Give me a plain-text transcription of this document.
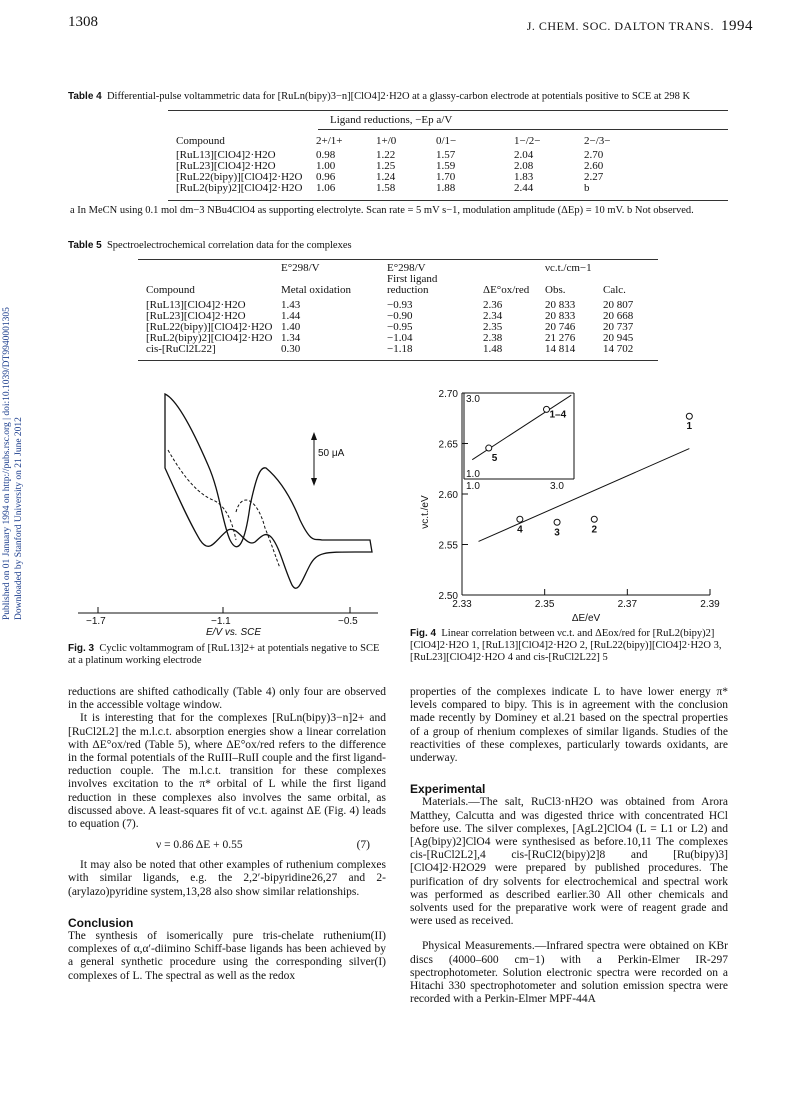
1308	J. CHEM. SOC. DALTON TRANS. 1994
Published on 01 January 1994 on http://pubs.rsc.org | doi:10.1039/DT9940001305 Downloaded by Stanford University on 21 June 2012
Table 4 Differential-pulse voltammetric data for [RuLn(bipy)3−n][ClO4]2·H2O at a glassy-carbon electrode at potentials positive to SCE at 298 K
Ligand reductions, −Ep a/V
Compound	2+/1+	1+/0	0/1−	1−/2−	2−/3−
[RuL13][ClO4]2·H2O	0.98	1.22	1.57	2.04	2.70
[RuL23][ClO4]2·H2O	1.00	1.25	1.59	2.08	2.60
[RuL22(bipy)][ClO4]2·H2O	0.96	1.24	1.70	1.83	2.27
[RuL2(bipy)2][ClO4]2·H2O	1.06	1.58	1.88	2.44	b
a In MeCN using 0.1 mol dm−3 NBu4ClO4 as supporting electrolyte. Scan rate = 5 mV s−1, modulation amplitude (ΔEp) = 10 mV. b Not observed.
Table 5 Spectroelectrochemical correlation data for the complexes
	E°298/V	E°298/V		νc.t./cm−1	
		First ligand			
Compound	Metal oxidation	reduction	ΔE°ox/red	Obs.	Calc.

[RuL13][ClO4]2·H2O	1.43	−0.93	2.36	20 833	20 807
[RuL23][ClO4]2·H2O	1.44	−0.90	2.34	20 833	20 668
[RuL22(bipy)][ClO4]2·H2O	1.40	−0.95	2.35	20 746	20 737
[RuL2(bipy)2][ClO4]2·H2O	1.34	−1.04	2.38	21 276	20 945
cis-[RuCl2L22]	0.30	−1.18	1.48	14 814	14 702
50 μA
−1.7	−1.1	−0.5
E/V vs. SCE
Fig. 3 Cyclic voltammogram of [RuL13]2+ at potentials negative to SCE at a platinum working electrode
2.50
2.55
2.60
2.65
2.70
2.33	2.35	2.37	2.39
ΔE/eV
νc.t./eV
1
2
3
4
3.0
1.0
1.0	3.0
5
1–4
Fig. 4 Linear correlation between νc.t. and ΔEox/red for [RuL2(bipy)2][ClO4]2·H2O 1, [RuL13][ClO4]2·H2O 2, [RuL22(bipy)][ClO4]2·H2O 3, [RuL23][ClO4]2·H2O 4 and cis-[RuCl2L22] 5

reductions are shifted cathodically (Table 4) only four are observed in the accessible voltage window.

It is interesting that for the complexes [RuLn(bipy)3−n]2+ and [RuCl2L2] the m.l.c.t. absorption energies show a linear correlation with ΔE°ox/red (Table 5), where ΔE°ox/red refers to the difference in the formal potentials of the RuIII–RuII couple and the first ligand-reduction couple. The m.l.c.t. transition for these complexes involves excitation to the π* orbital of L while the first ligand reduction in these complexes also involves the same orbital, as discussed above. A least-squares fit of νc.t. against ΔE (Fig. 4) leads to equation (7).

ν = 0.86 ΔE + 0.55	(7)

It may also be noted that other examples of ruthenium complexes with similar ligands, e.g. the 2,2′-bipyridine26,27 and 2-(arylazo)pyridine system,13,28 also show similar relationships.

Conclusion

The synthesis of isomerically pure tris-chelate ruthenium(II) complexes of α,α′-diimino Schiff-base ligands has been achieved by a general synthetic procedure using the corresponding silver(I) complexes of L. The spectral as well as the redox

properties of the complexes indicate L to have lower energy π* levels compared to bipy. This is in agreement with the conclusion made recently by Dominey et al.21 based on the spectral properties of a group of rhenium complexes of similar ligands. Studies of the reactivities of these complexes, particularly towards oxidants, are underway.

Experimental

Materials.—The salt, RuCl3·nH2O was obtained from Arora Matthey, Calcutta and was digested thrice with concentrated HCl before use. The silver complexes, [AgL2]ClO4 (L = L1 or L2) and [Ag(bipy)2]ClO4 were synthesised as before.10,11 The complexes cis-[RuCl2L2],4 cis-[RuCl2(bipy)2]8 and [Ru(bipy)3][ClO4]2·H2O29 were prepared by published procedures. The purification of dry solvents for electrochemical and spectral work was performed as described earlier.30 All other chemicals and solvents used for the preparative work were of reagent grade and were used as received.

Physical Measurements.—Infrared spectra were obtained on KBr discs (4000–600 cm−1) with a Perkin-Elmer IR-297 spectrophotometer. Solution electronic spectra were recorded on a Hitachi 330 spectrophotometer and solution emission spectra were recorded with a Perkin-Elmer MPF-44A
